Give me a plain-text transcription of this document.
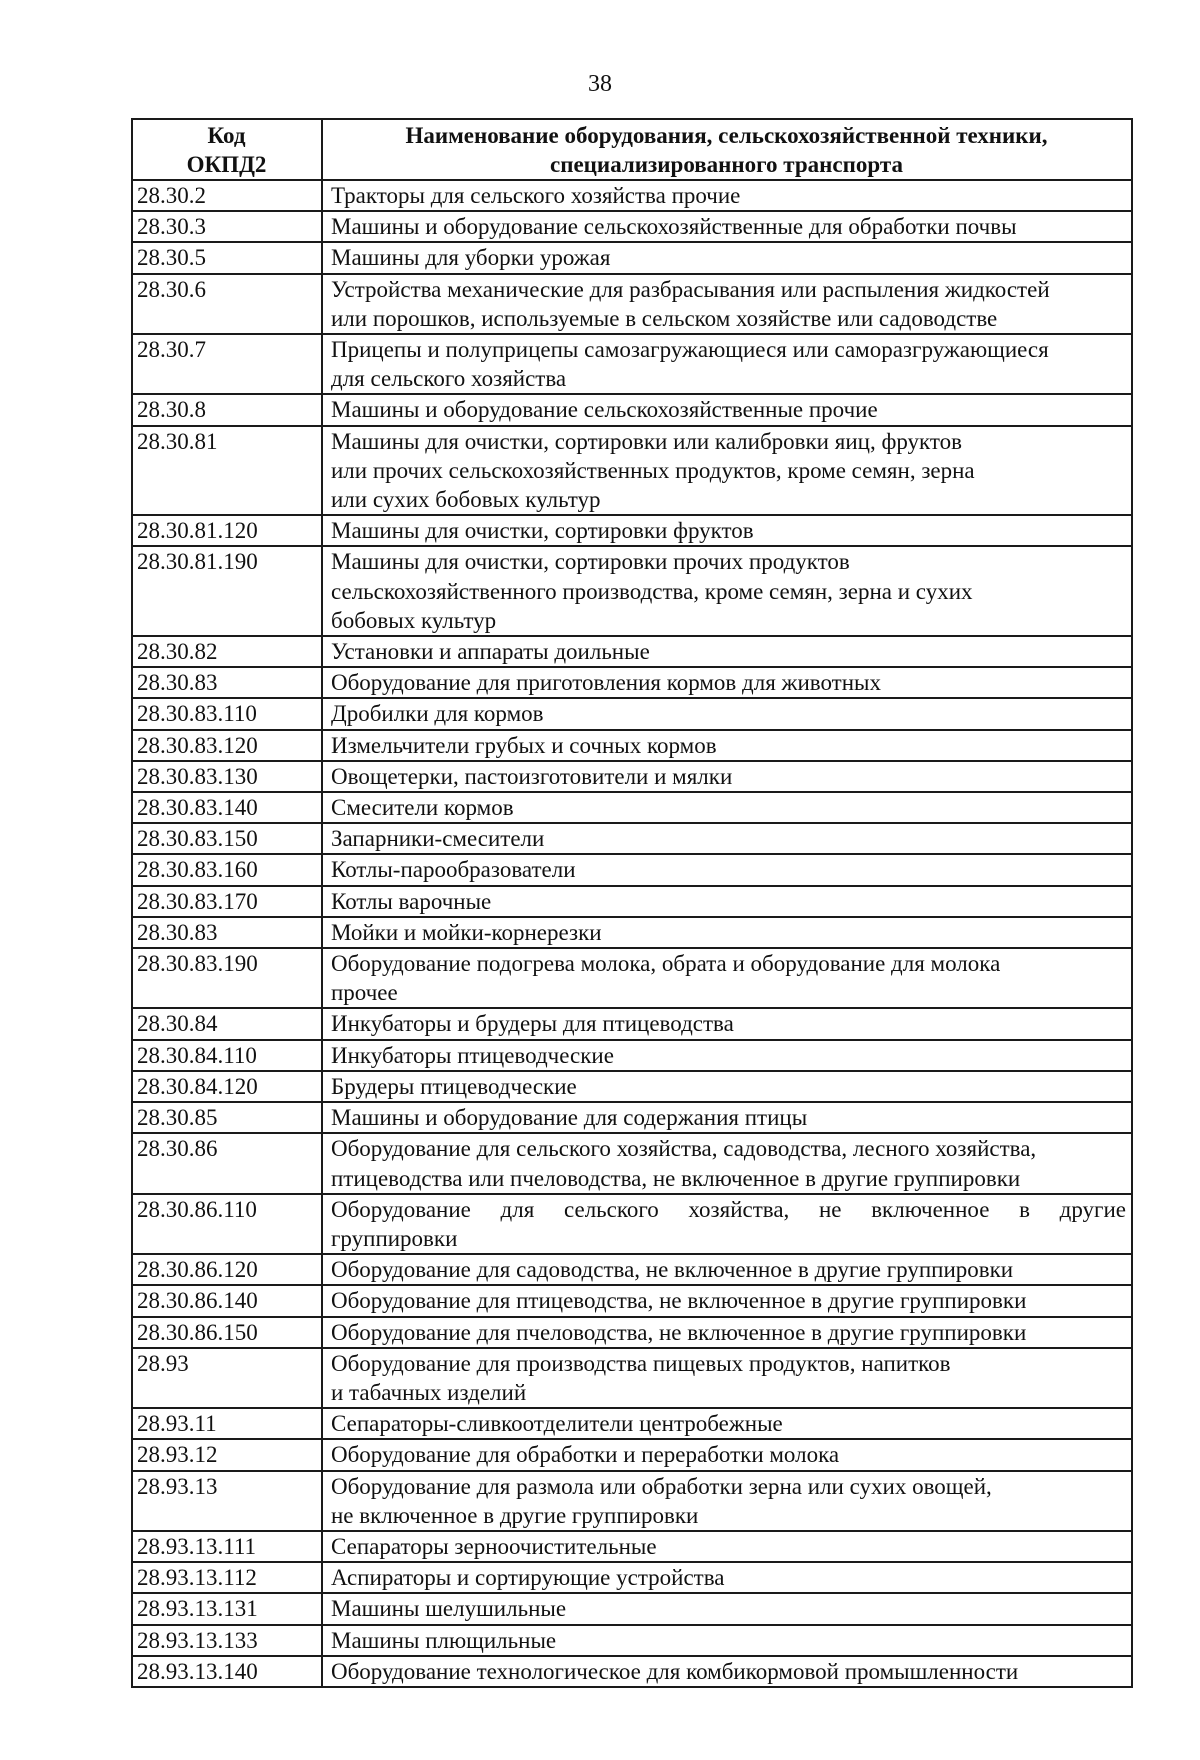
38
Код
ОКПД2	Наименование оборудования, сельскохозяйственной техники,
специализированного транспорта
28.30.2	Тракторы для сельского хозяйства прочие
28.30.3	Машины и оборудование сельскохозяйственные для обработки почвы
28.30.5	Машины для уборки урожая
28.30.6	Устройства механические для разбрасывания или распыления жидкостей
или порошков, используемые в сельском хозяйстве или садоводстве
28.30.7	Прицепы и полуприцепы самозагружающиеся или саморазгружающиеся
для сельского хозяйства
28.30.8	Машины и оборудование сельскохозяйственные прочие
28.30.81	Машины для очистки, сортировки или калибровки яиц, фруктов
или прочих сельскохозяйственных продуктов, кроме семян, зерна
или сухих бобовых культур
28.30.81.120	Машины для очистки, сортировки фруктов
28.30.81.190	Машины для очистки, сортировки прочих продуктов
сельскохозяйственного производства, кроме семян, зерна и сухих
бобовых культур
28.30.82	Установки и аппараты доильные
28.30.83	Оборудование для приготовления кормов для животных
28.30.83.110	Дробилки для кормов
28.30.83.120	Измельчители грубых и сочных кормов
28.30.83.130	Овощетерки, пастоизготовители и мялки
28.30.83.140	Смесители кормов
28.30.83.150	Запарники-смесители
28.30.83.160	Котлы-парообразователи
28.30.83.170	Котлы варочные
28.30.83	Мойки и мойки-корнерезки
28.30.83.190	Оборудование подогрева молока, обрата и оборудование для молока
прочее
28.30.84	Инкубаторы и брудеры для птицеводства
28.30.84.110	Инкубаторы птицеводческие
28.30.84.120	Брудеры птицеводческие
28.30.85	Машины и оборудование для содержания птицы
28.30.86	Оборудование для сельского хозяйства, садоводства, лесного хозяйства,
птицеводства или пчеловодства, не включенное в другие группировки
28.30.86.110	Оборудование для сельского хозяйства, не включенное в другие
группировки

28.30.86.120	Оборудование для садоводства, не включенное в другие группировки
28.30.86.140	Оборудование для птицеводства, не включенное в другие группировки
28.30.86.150	Оборудование для пчеловодства, не включенное в другие группировки
28.93	Оборудование для производства пищевых продуктов, напитков
и табачных изделий
28.93.11	Сепараторы-сливкоотделители центробежные
28.93.12	Оборудование для обработки и переработки молока
28.93.13	Оборудование для размола или обработки зерна или сухих овощей,
не включенное в другие группировки
28.93.13.111	Сепараторы зерноочистительные
28.93.13.112	Аспираторы и сортирующие устройства
28.93.13.131	Машины шелушильные
28.93.13.133	Машины плющильные
28.93.13.140	Оборудование технологическое для комбикормовой промышленности
